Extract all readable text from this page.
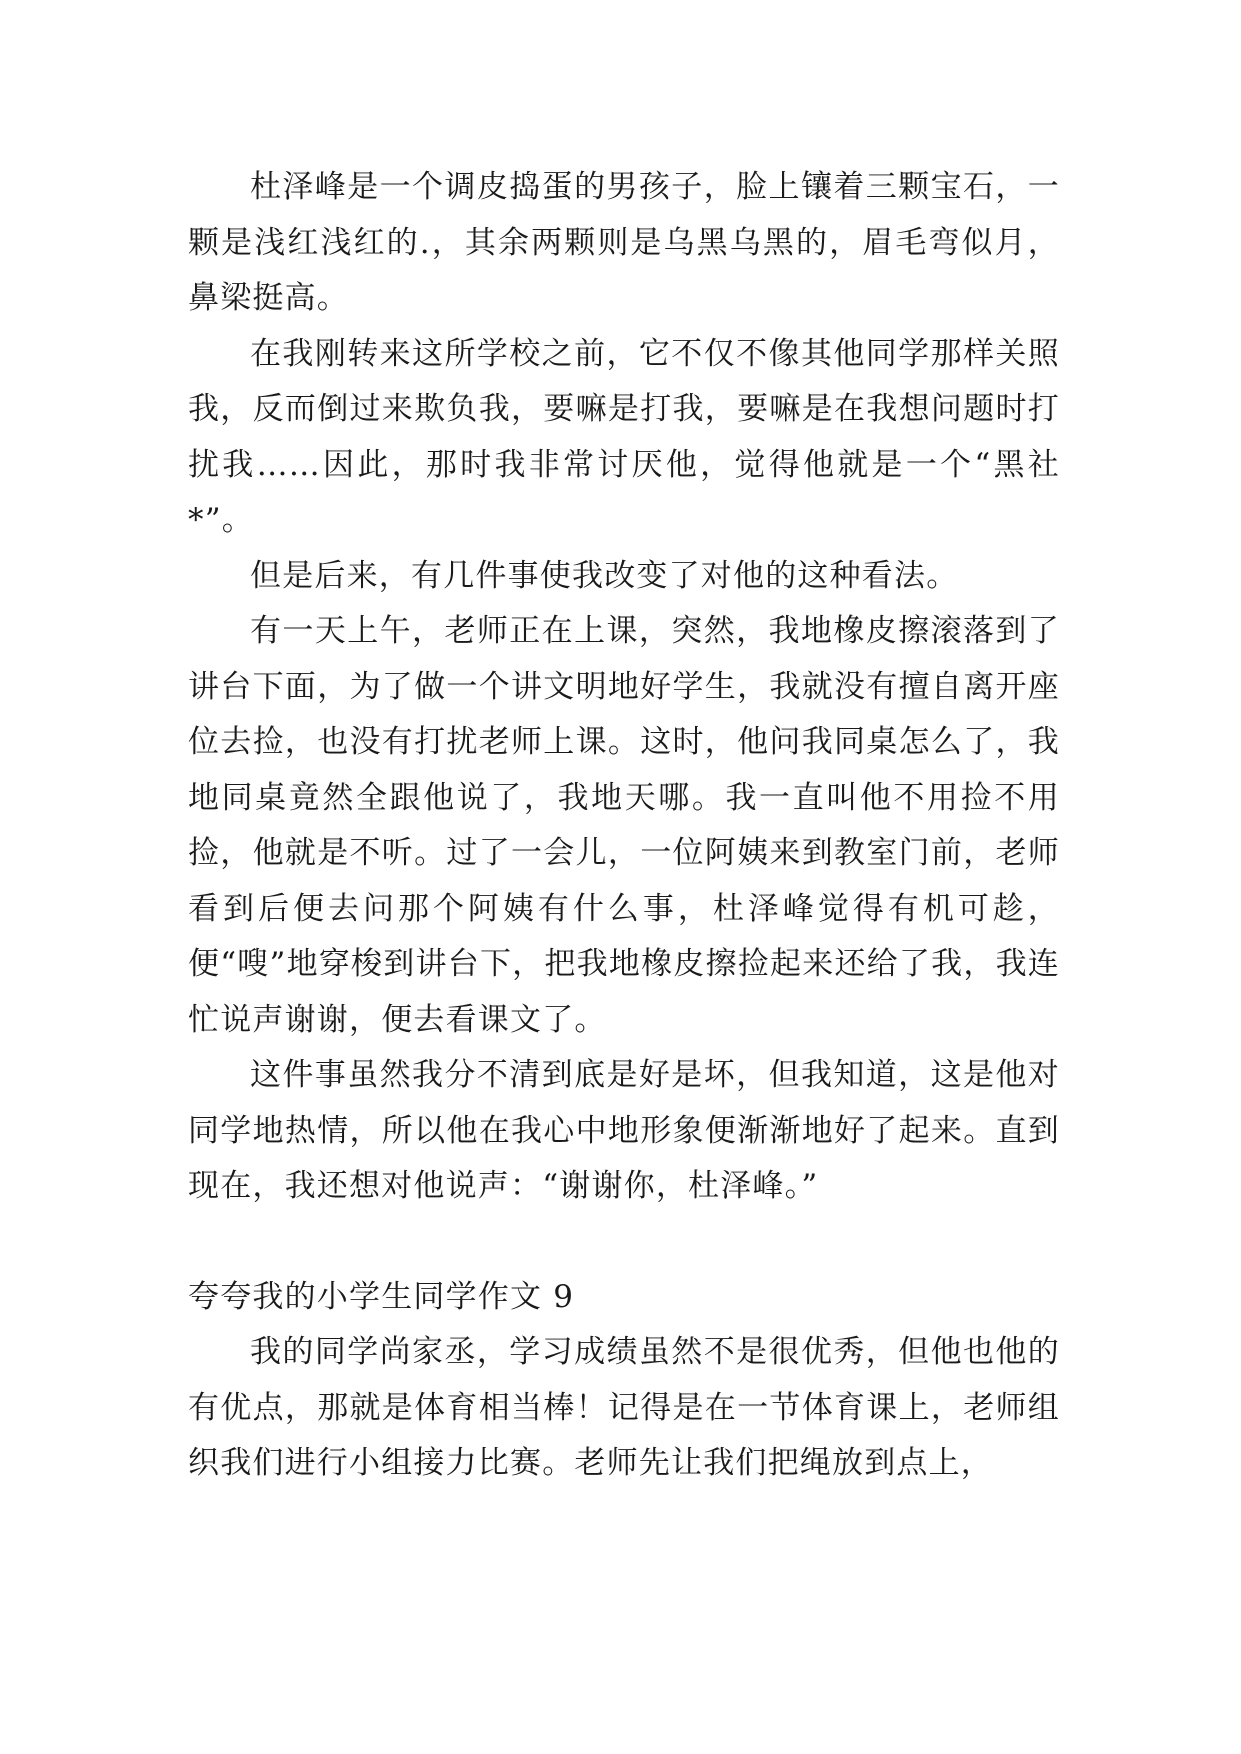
杜泽峰是一个调皮捣蛋的男孩子，脸上镶着三颗宝石，一颗是浅红浅红的.，其余两颗则是乌黑乌黑的，眉毛弯似月，鼻梁挺高。

在我刚转来这所学校之前，它不仅不像其他同学那样关照我，反而倒过来欺负我，要嘛是打我，要嘛是在我想问题时打扰我……因此，那时我非常讨厌他，觉得他就是一个“黑社*”。

但是后来，有几件事使我改变了对他的这种看法。

有一天上午，老师正在上课，突然，我地橡皮擦滚落到了讲台下面，为了做一个讲文明地好学生，我就没有擅自离开座位去捡，也没有打扰老师上课。这时，他问我同桌怎么了，我地同桌竟然全跟他说了，我地天哪。我一直叫他不用捡不用捡，他就是不听。过了一会儿，一位阿姨来到教室门前，老师看到后便去问那个阿姨有什么事，杜泽峰觉得有机可趁，便“嗖”地穿梭到讲台下，把我地橡皮擦捡起来还给了我，我连忙说声谢谢，便去看课文了。

这件事虽然我分不清到底是好是坏，但我知道，这是他对同学地热情，所以他在我心中地形象便渐渐地好了起来。直到现在，我还想对他说声：“谢谢你，杜泽峰。”

夸夸我的小学生同学作文 9

我的同学尚家丞，学习成绩虽然不是很优秀，但他也他的有优点，那就是体育相当棒！记得是在一节体育课上，老师组织我们进行小组接力比赛。老师先让我们把绳放到点上，
